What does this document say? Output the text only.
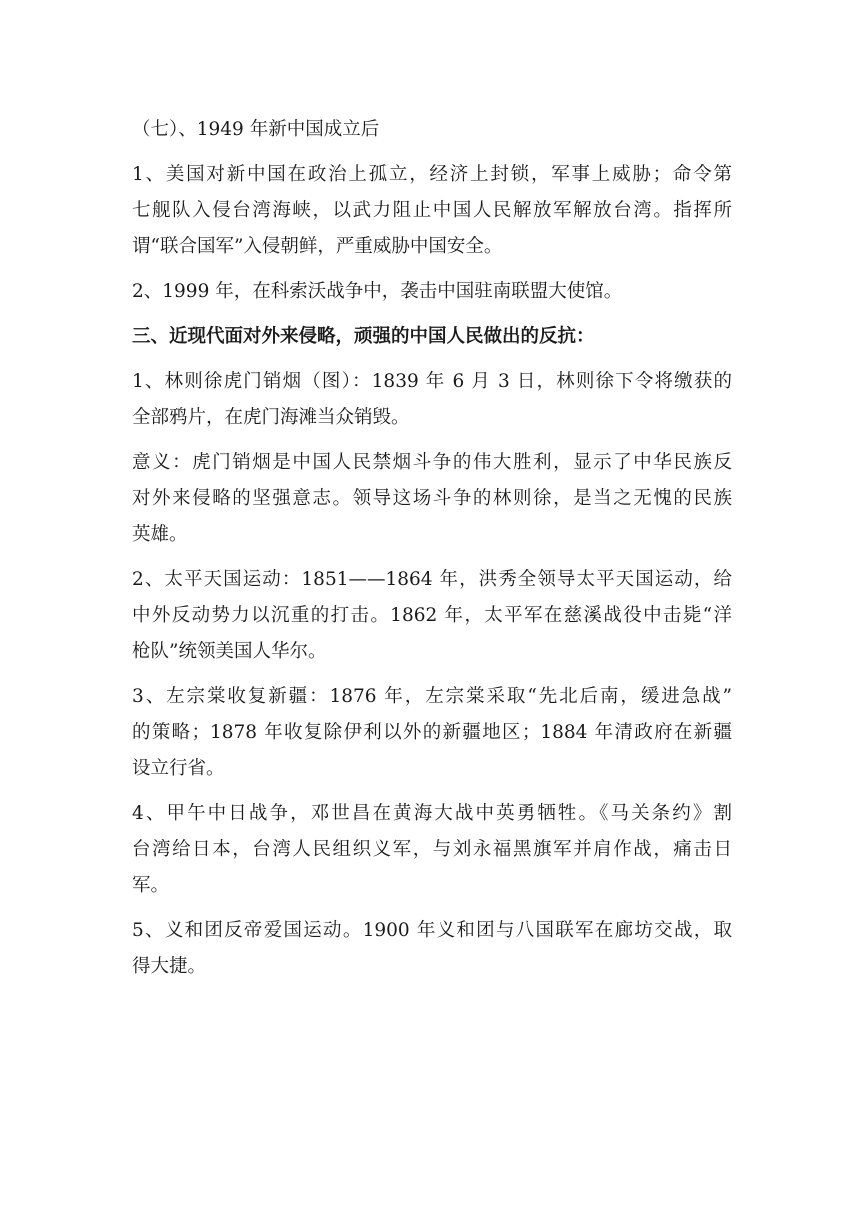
（七）、1949 年新中国成立后
1、美国对新中国在政治上孤立，经济上封锁，军事上威胁；命令第
七舰队入侵台湾海峡，以武力阻止中国人民解放军解放台湾。指挥所
谓“联合国军”入侵朝鲜，严重威胁中国安全。
2、1999 年，在科索沃战争中，袭击中国驻南联盟大使馆。
三、近现代面对外来侵略，顽强的中国人民做出的反抗：
1、林则徐虎门销烟（图）：1839 年 6 月 3 日，林则徐下令将缴获的
全部鸦片，在虎门海滩当众销毁。
意义：虎门销烟是中国人民禁烟斗争的伟大胜利，显示了中华民族反
对外来侵略的坚强意志。领导这场斗争的林则徐，是当之无愧的民族
英雄。
2、太平天国运动：1851——1864 年，洪秀全领导太平天国运动，给
中外反动势力以沉重的打击。1862 年，太平军在慈溪战役中击毙“洋
枪队”统领美国人华尔。
3、左宗棠收复新疆：1876 年，左宗棠采取“先北后南，缓进急战”
的策略；1878 年收复除伊利以外的新疆地区；1884 年清政府在新疆
设立行省。
4、甲午中日战争，邓世昌在黄海大战中英勇牺牲。《马关条约》割
台湾给日本，台湾人民组织义军，与刘永福黑旗军并肩作战，痛击日
军。
5、义和团反帝爱国运动。1900 年义和团与八国联军在廊坊交战，取
得大捷。
